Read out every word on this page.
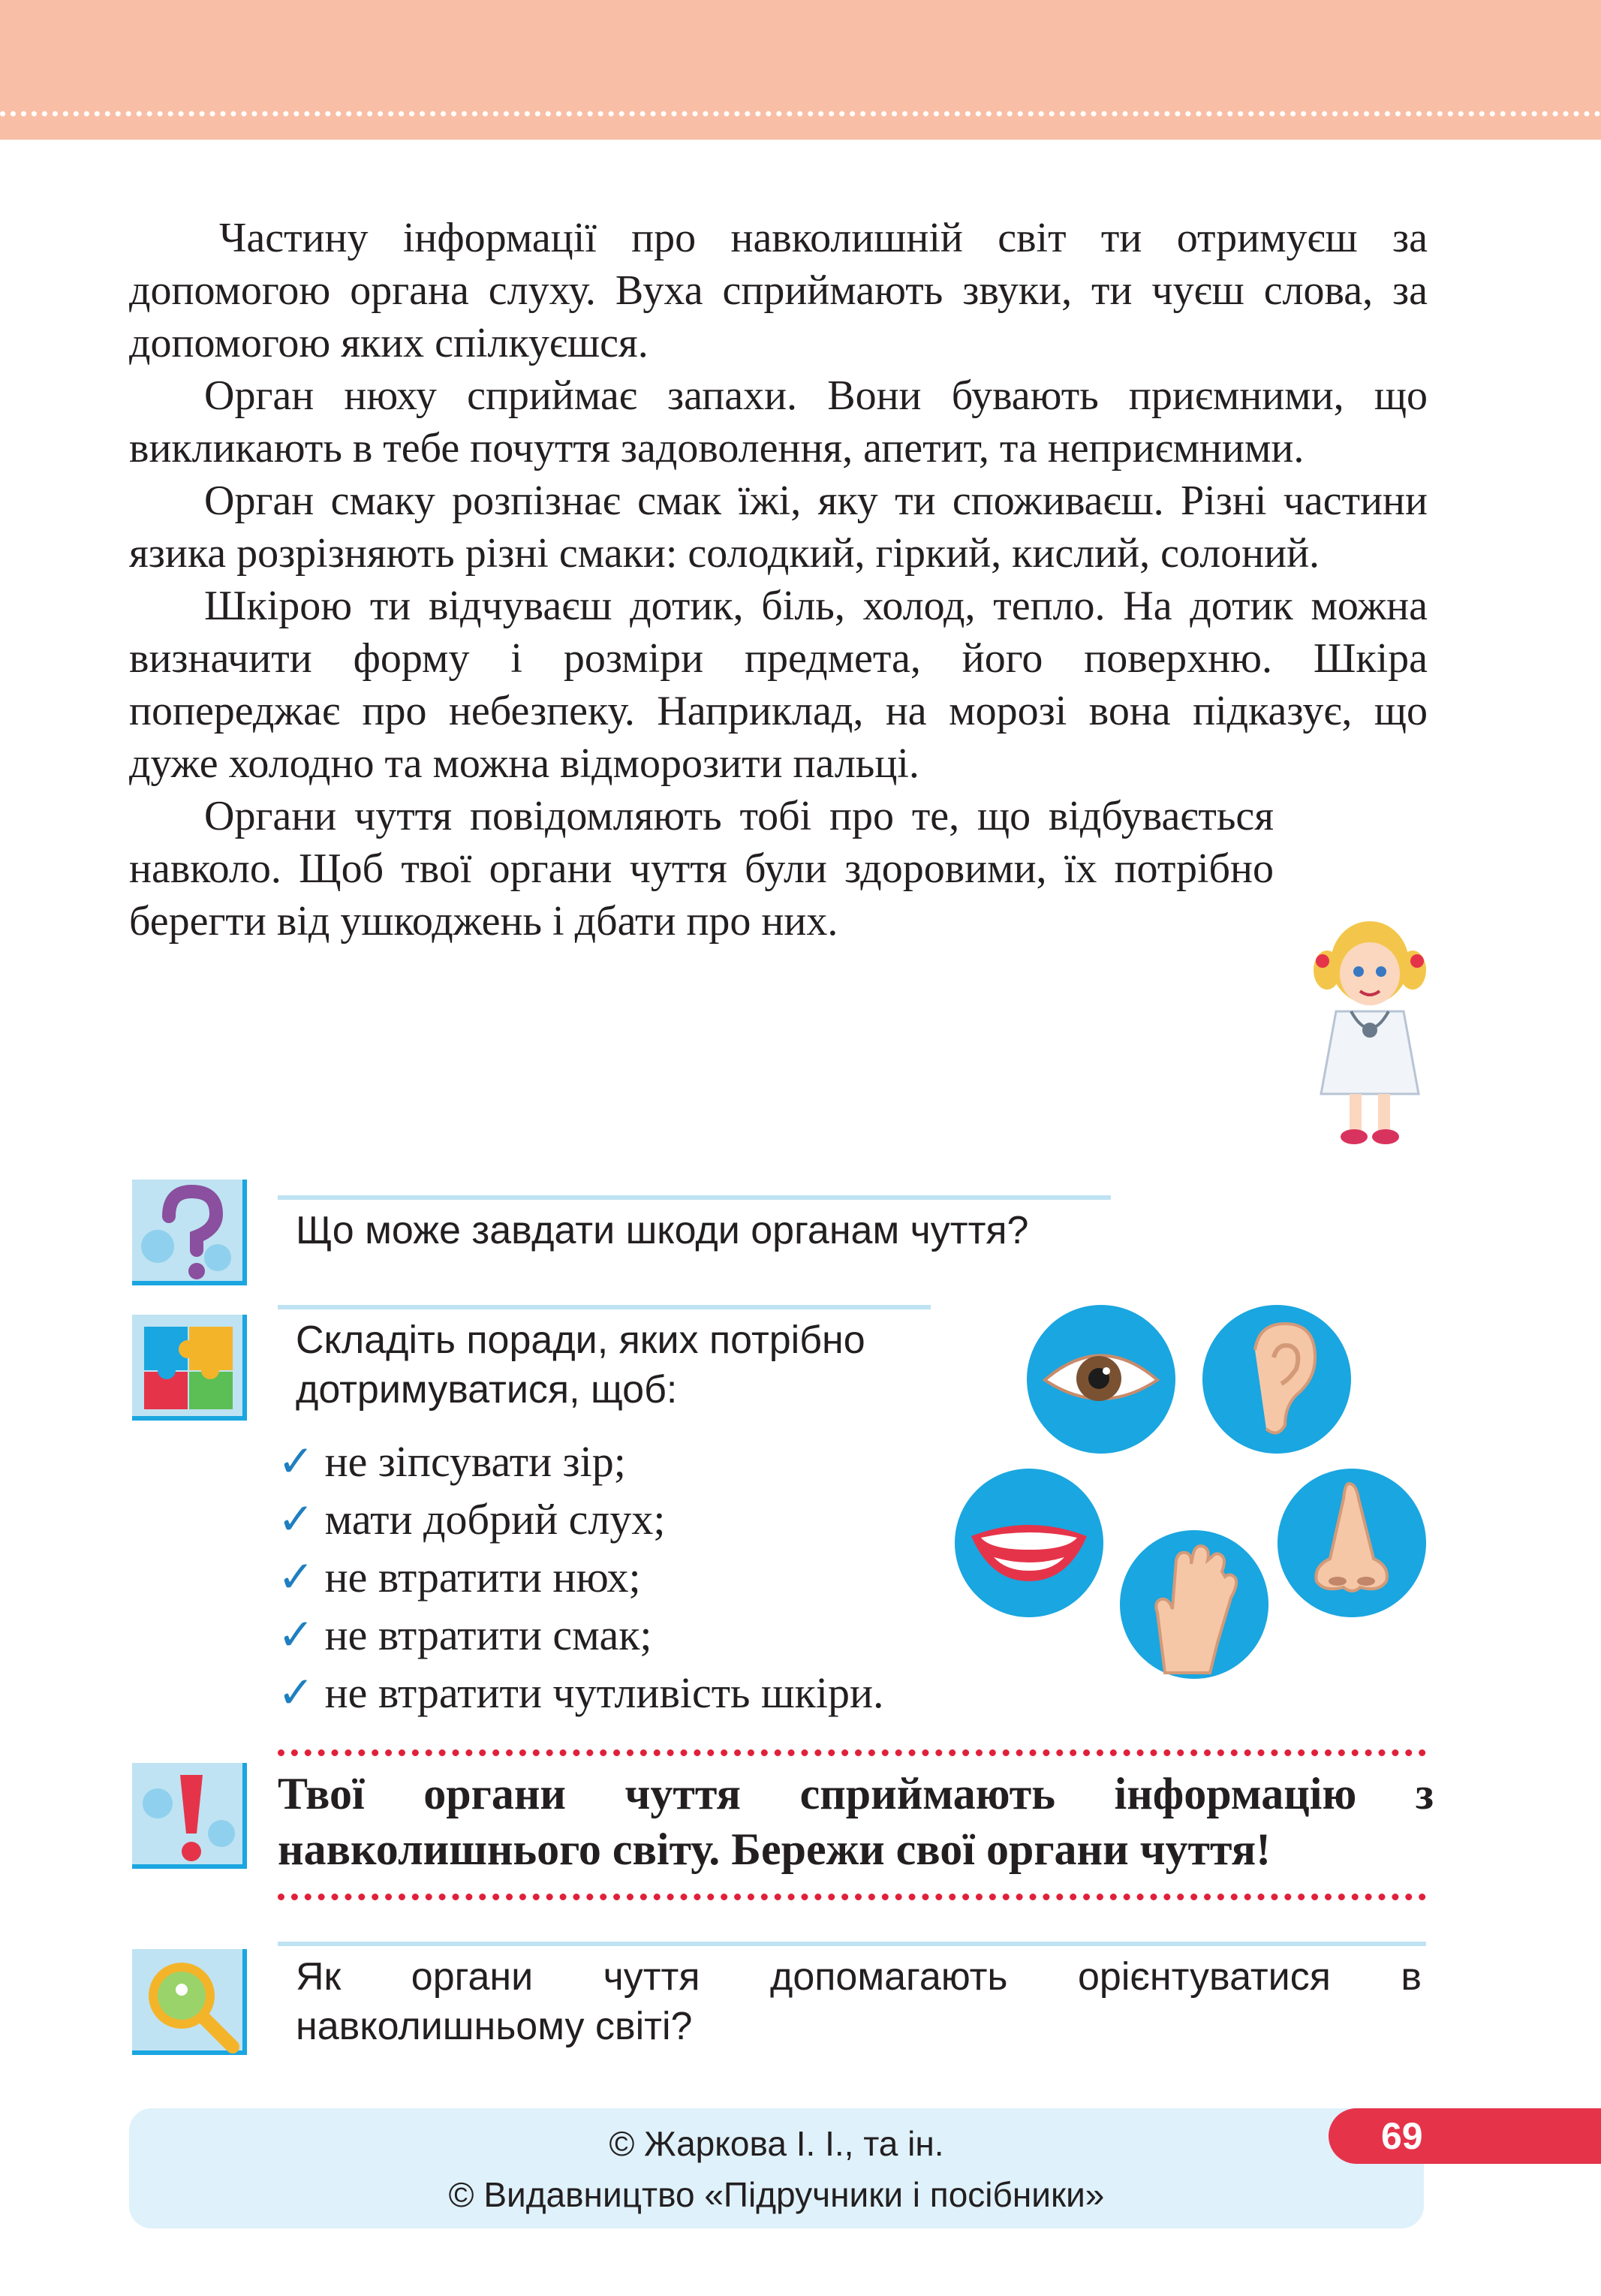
Частину інформації про навколишній світ ти отримуєш за допомогою органа слуху. Вуха сприймають звуки, ти чуєш слова, за допомогою яких спілкуєшся.

Орган нюху сприймає запахи. Вони бувають приємними, що викликають в тебе почуття задоволення, апетит, та неприємними.

Орган смаку розпізнає смак їжі, яку ти споживаєш. Різні частини язика розрізняють різні смаки: солодкий, гіркий, кислий, солоний.

Шкірою ти відчуваєш дотик, біль, холод, тепло. На дотик можна визначити форму і розміри предмета, його поверхню. Шкіра попереджає про небезпеку. Наприклад, на морозі вона підказує, що дуже холодно та можна відморозити пальці.

Органи чуття повідомляють тобі про те, що відбувається навколо. Щоб твої органи чуття були здоровими, їх потрібно берегти від ушкоджень і дбати про них.

Що може завдати шкоди органам чуття?
Складіть поради, яких потрібно
дотримуватися, щоб:
✓ не зіпсувати зір;
✓ мати добрий слух;
✓ не втратити нюх;
✓ не втратити смак;
✓ не втратити чутливість шкіри.
Твої органи чуття сприймають інформацію з навколишнього світу. Бережи свої органи чуття!
Як органи чуття допомагають орієнтуватися в навколишньому світі?
69
© Жаркова І. І., та ін.
© Видавництво «Підручники і посібники»
